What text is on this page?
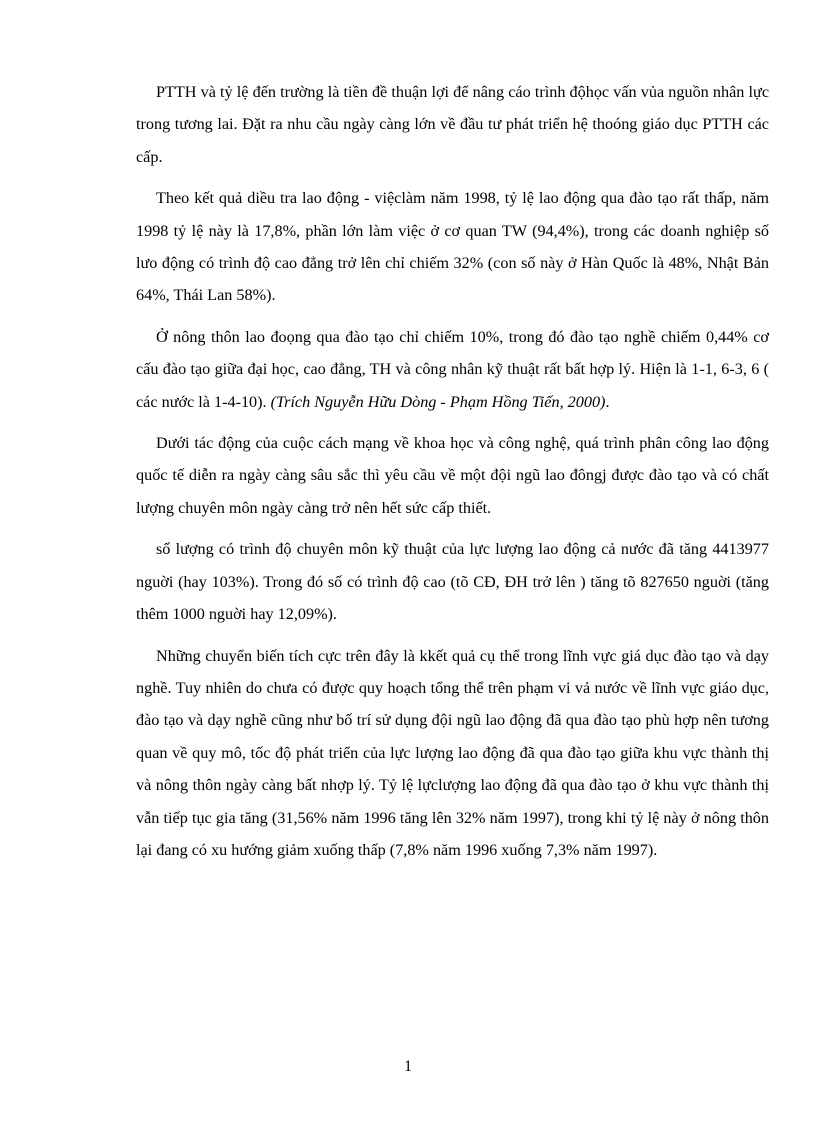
PTTH và tỷ lệ đến trường là tiền đề thuận lợi để nâng cáo trình độhọc vấn vủa nguồn nhân lực trong tương lai. Đặt ra nhu cầu ngày càng lớn về đầu tư phát triển hệ thoóng giáo dục PTTH các cấp.

Theo kết quả diều tra lao động - việclàm năm 1998, tỷ lệ lao động qua đào tạo rất thấp, năm 1998 tỷ lệ này là 17,8%, phần lớn làm việc ở cơ quan TW (94,4%), trong các doanh nghiệp số lưo động có trình độ cao đẳng trở lên chỉ chiếm 32% (con số này ở Hàn Quốc là 48%, Nhật Bản 64%, Thái Lan 58%).

Ở nông thôn lao đoọng qua đào tạo chỉ chiếm 10%, trong đó đào tạo nghề chiếm 0,44% cơ cấu đào tạo giữa đại học, cao đẳng, TH và công nhân kỹ thuật rất bất hợp lý. Hiện là 1-1, 6-3, 6 ( các nước là 1-4-10). (Trích Nguyễn Hữu Dòng - Phạm Hồng Tiến, 2000).

Dưới tác động của cuộc cách mạng về khoa học và công nghệ, quá trình phân công lao động quốc tế diễn ra ngày càng sâu sắc thì yêu cầu về một đội ngũ lao đôngj được đào tạo và có chất lượng chuyên môn ngày càng trở nên hết sức cấp thiết.

số lượng có trình độ chuyên môn kỹ thuật của lực lượng lao động cả nước đã tăng 4413977 nguời (hay 103%). Trong đó số có trình độ cao (tõ CĐ, ĐH trở lên ) tăng tõ 827650 nguời (tăng thêm 1000 nguời hay 12,09%).

Những chuyển biến tích cực trên đây là kkết quả cụ thể trong lĩnh vực giá dục đào tạo và dạy nghề. Tuy nhiên do chưa có được quy hoạch tổng thể trên phạm vi vả nước về lĩnh vực giáo dục, đào tạo và dạy nghề cũng như bố trí sử dụng đội ngũ lao động đã qua đào tạo phù hợp nên tương quan về quy mô, tốc độ phát triển của lực lượng lao động đã qua đào tạo giữa khu vực thành thị và nông thôn ngày càng bất nhợp lý. Tỷ lệ lựclượng lao động đã qua đào tạo ở khu vực thành thị vẫn tiếp tục gia tăng (31,56% năm 1996 tăng lên 32% năm 1997), trong khi tỷ lệ này ở nông thôn lại đang có xu hướng giảm xuống thấp (7,8% năm 1996 xuống 7,3% năm 1997).

1
